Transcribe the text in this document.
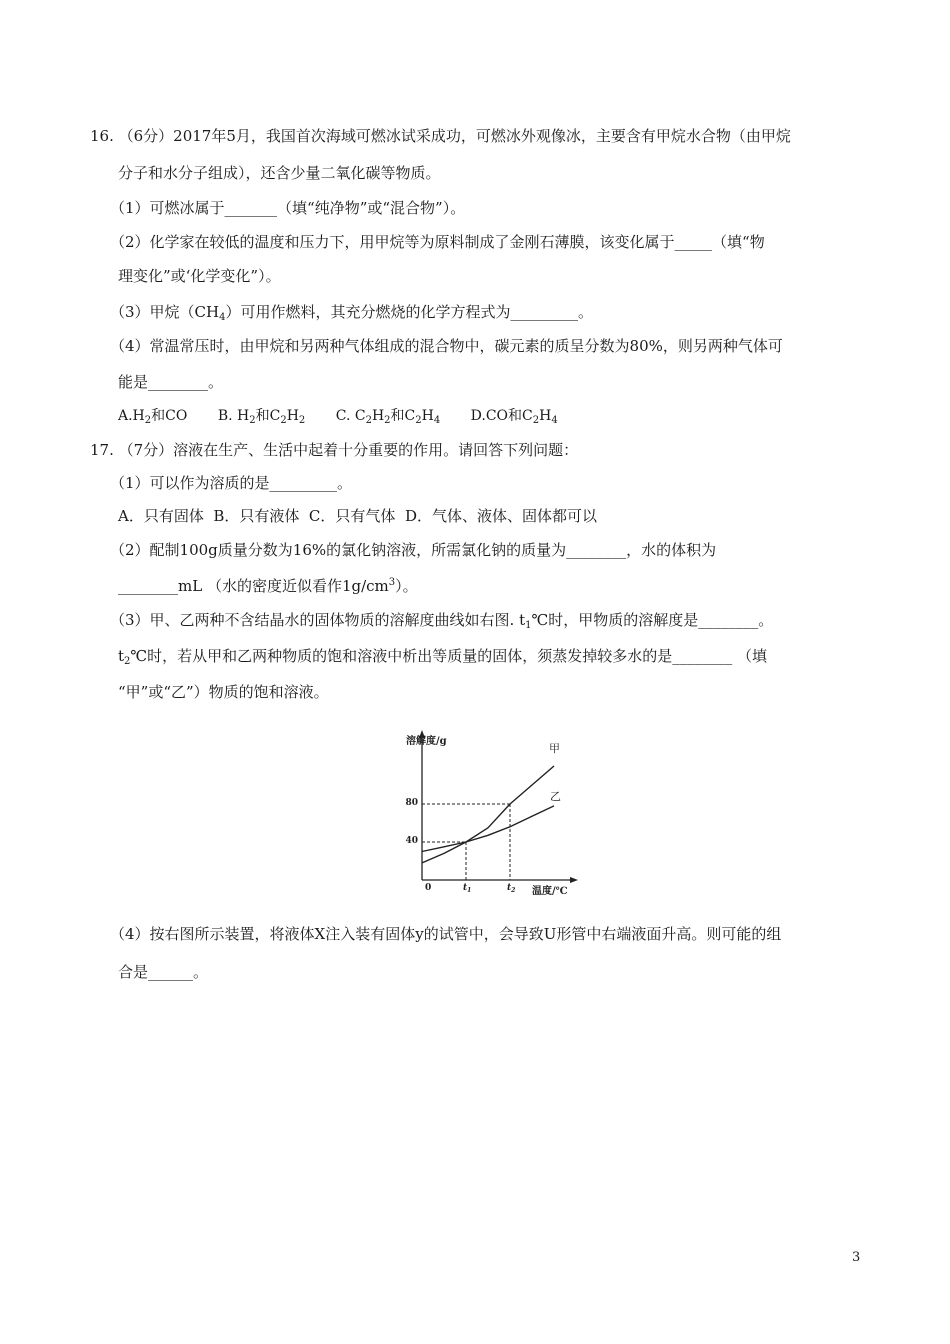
16. （6分）2017年5月，我国首次海域可燃冰试采成功，可燃冰外观像冰，主要含有甲烷水合物（由甲烷
分子和水分子组成），还含少量二氧化碳等物质。
（1）可燃冰属于_______（填“纯净物”或“混合物”）。
（2）化学家在较低的温度和压力下，用甲烷等为原料制成了金刚石薄膜，该变化属于_____（填“物
理变化”或‘化学变化”）。
（3）甲烷$(CH_4)$可用作燃料，其充分燃烧的化学方程式为_________。
（4）常温常压时，由甲烷和另两种气体组成的混合物中，碳元素的质呈分数为80%，则另两种气体可
能是________。
$A.H_2$和CO B. $H_2$和$C_2H_2$ C. $C_2H_2$和$C_2H_4$ D.CO和$C_2H_4$
17. （7分）溶液在生产、生活中起着十分重要的作用。请回答下列问题：
（1）可以作为溶质的是_________。
A．只有固体  B．只有液体  C．只有气体  D．气体、液体、固体都可以
（2）配制100g质量分数为16%的氯化钠溶液，所需氯化钠的质量为________，水的体积为
________mL （水的密度近似看作$1g/cm^3$）。
（3）甲、乙两种不含结晶水的固体物质的溶解度曲线如右图. $t_1℃$时，甲物质的溶解度是________。
$t_2℃$时，若从甲和乙两种物质的饱和溶液中析出等质量的固体，须蒸发掉较多水的是________ （填
“甲”或“乙”）物质的饱和溶液。
溶解度/g
温度/℃
0
40
80
$t_1$	$t_2$
甲
乙
（4）按右图所示装置，将液体X注入装有固体y的试管中，会导致U形管中右端液面升高。则可能的组
合是______。
3
